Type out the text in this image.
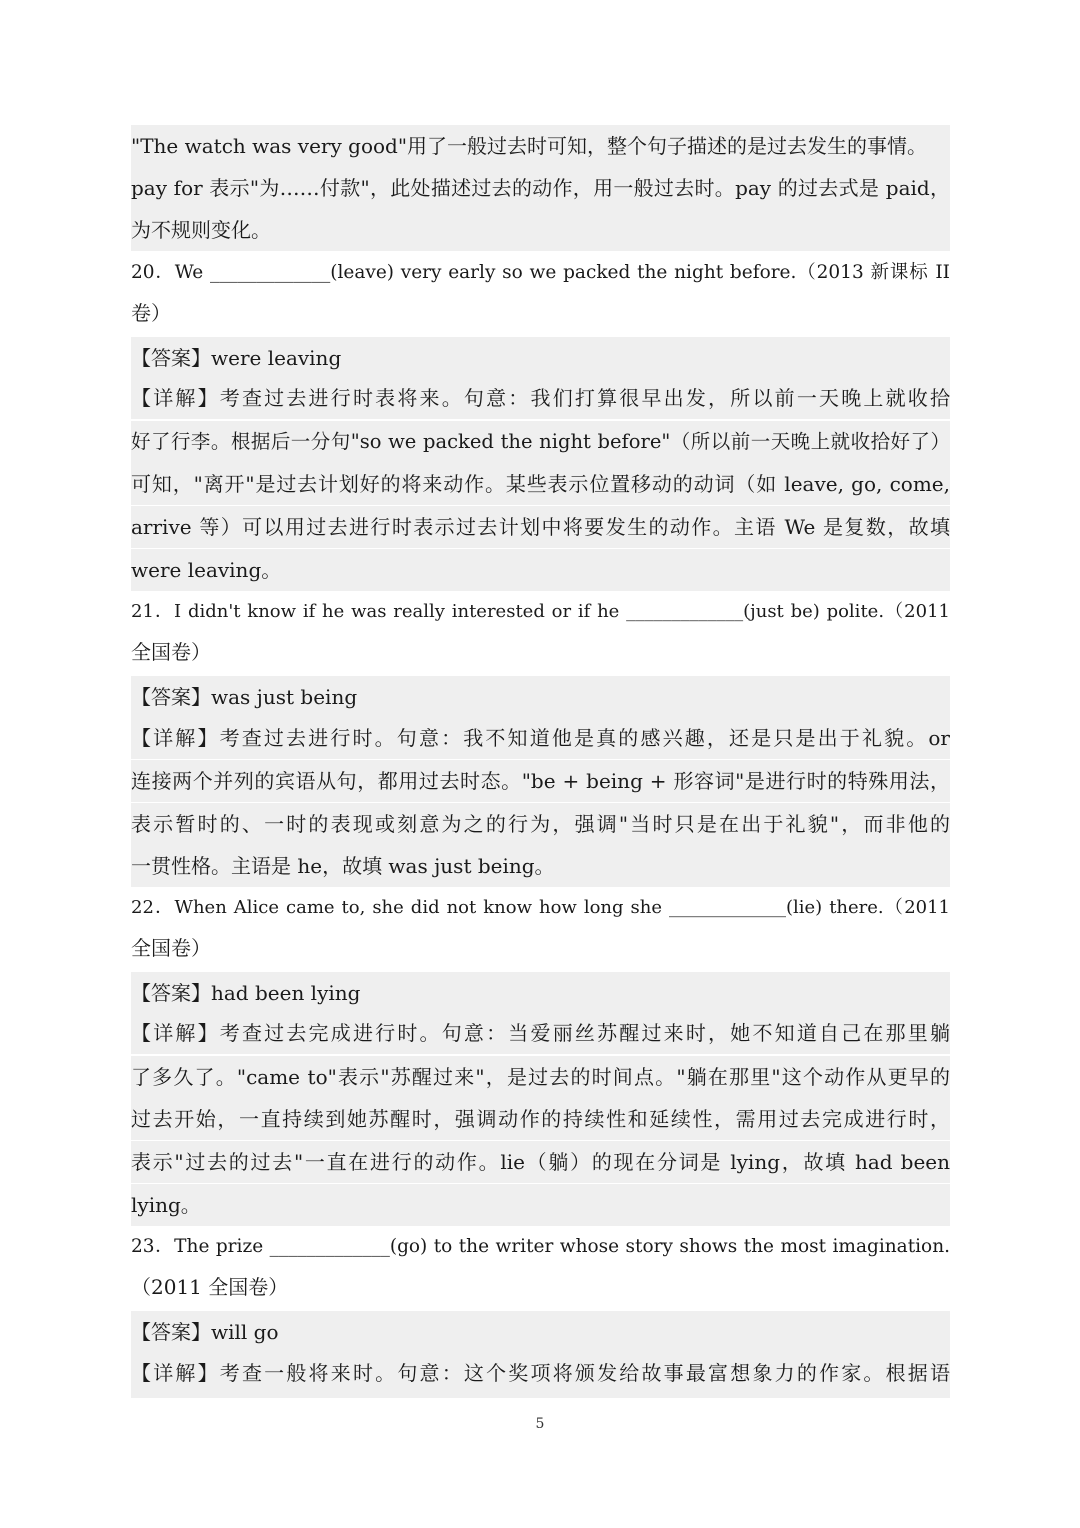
"The watch was very good"用了一般过去时可知，整个句子描述的是过去发生的事情。
pay for 表示"为……付款"，此处描述过去的动作，用一般过去时。pay 的过去式是 paid，
为不规则变化。
20．We _____________(leave) very early so we packed the night before.（2013 新课标 II
卷）
【答案】were leaving
【详解】考查过去进行时表将来。句意：我们打算很早出发，所以前一天晚上就收拾
好了行李。根据后一分句"so we packed the night before"（所以前一天晚上就收拾好了）
可知，"离开"是过去计划好的将来动作。某些表示位置移动的动词（如 leave, go, come,
arrive 等）可以用过去进行时表示过去计划中将要发生的动作。主语 We 是复数，故填
were leaving。
21．I didn't know if he was really interested or if he _____________(just be) polite.（2011
全国卷）
【答案】was just being
【详解】考查过去进行时。句意：我不知道他是真的感兴趣，还是只是出于礼貌。or
连接两个并列的宾语从句，都用过去时态。"be + being + 形容词"是进行时的特殊用法，
表示暂时的、一时的表现或刻意为之的行为，强调"当时只是在出于礼貌"，而非他的
一贯性格。主语是 he，故填 was just being。
22．When Alice came to, she did not know how long she _____________(lie) there.（2011
全国卷）
【答案】had been lying
【详解】考查过去完成进行时。句意：当爱丽丝苏醒过来时，她不知道自己在那里躺
了多久了。"came to"表示"苏醒过来"，是过去的时间点。"躺在那里"这个动作从更早的
过去开始，一直持续到她苏醒时，强调动作的持续性和延续性，需用过去完成进行时，
表示"过去的过去"一直在进行的动作。lie（躺）的现在分词是 lying，故填 had been
lying。
23．The prize _____________(go) to the writer whose story shows the most imagination.
（2011 全国卷）
【答案】will go
【详解】考查一般将来时。句意：这个奖项将颁发给故事最富想象力的作家。根据语
5
